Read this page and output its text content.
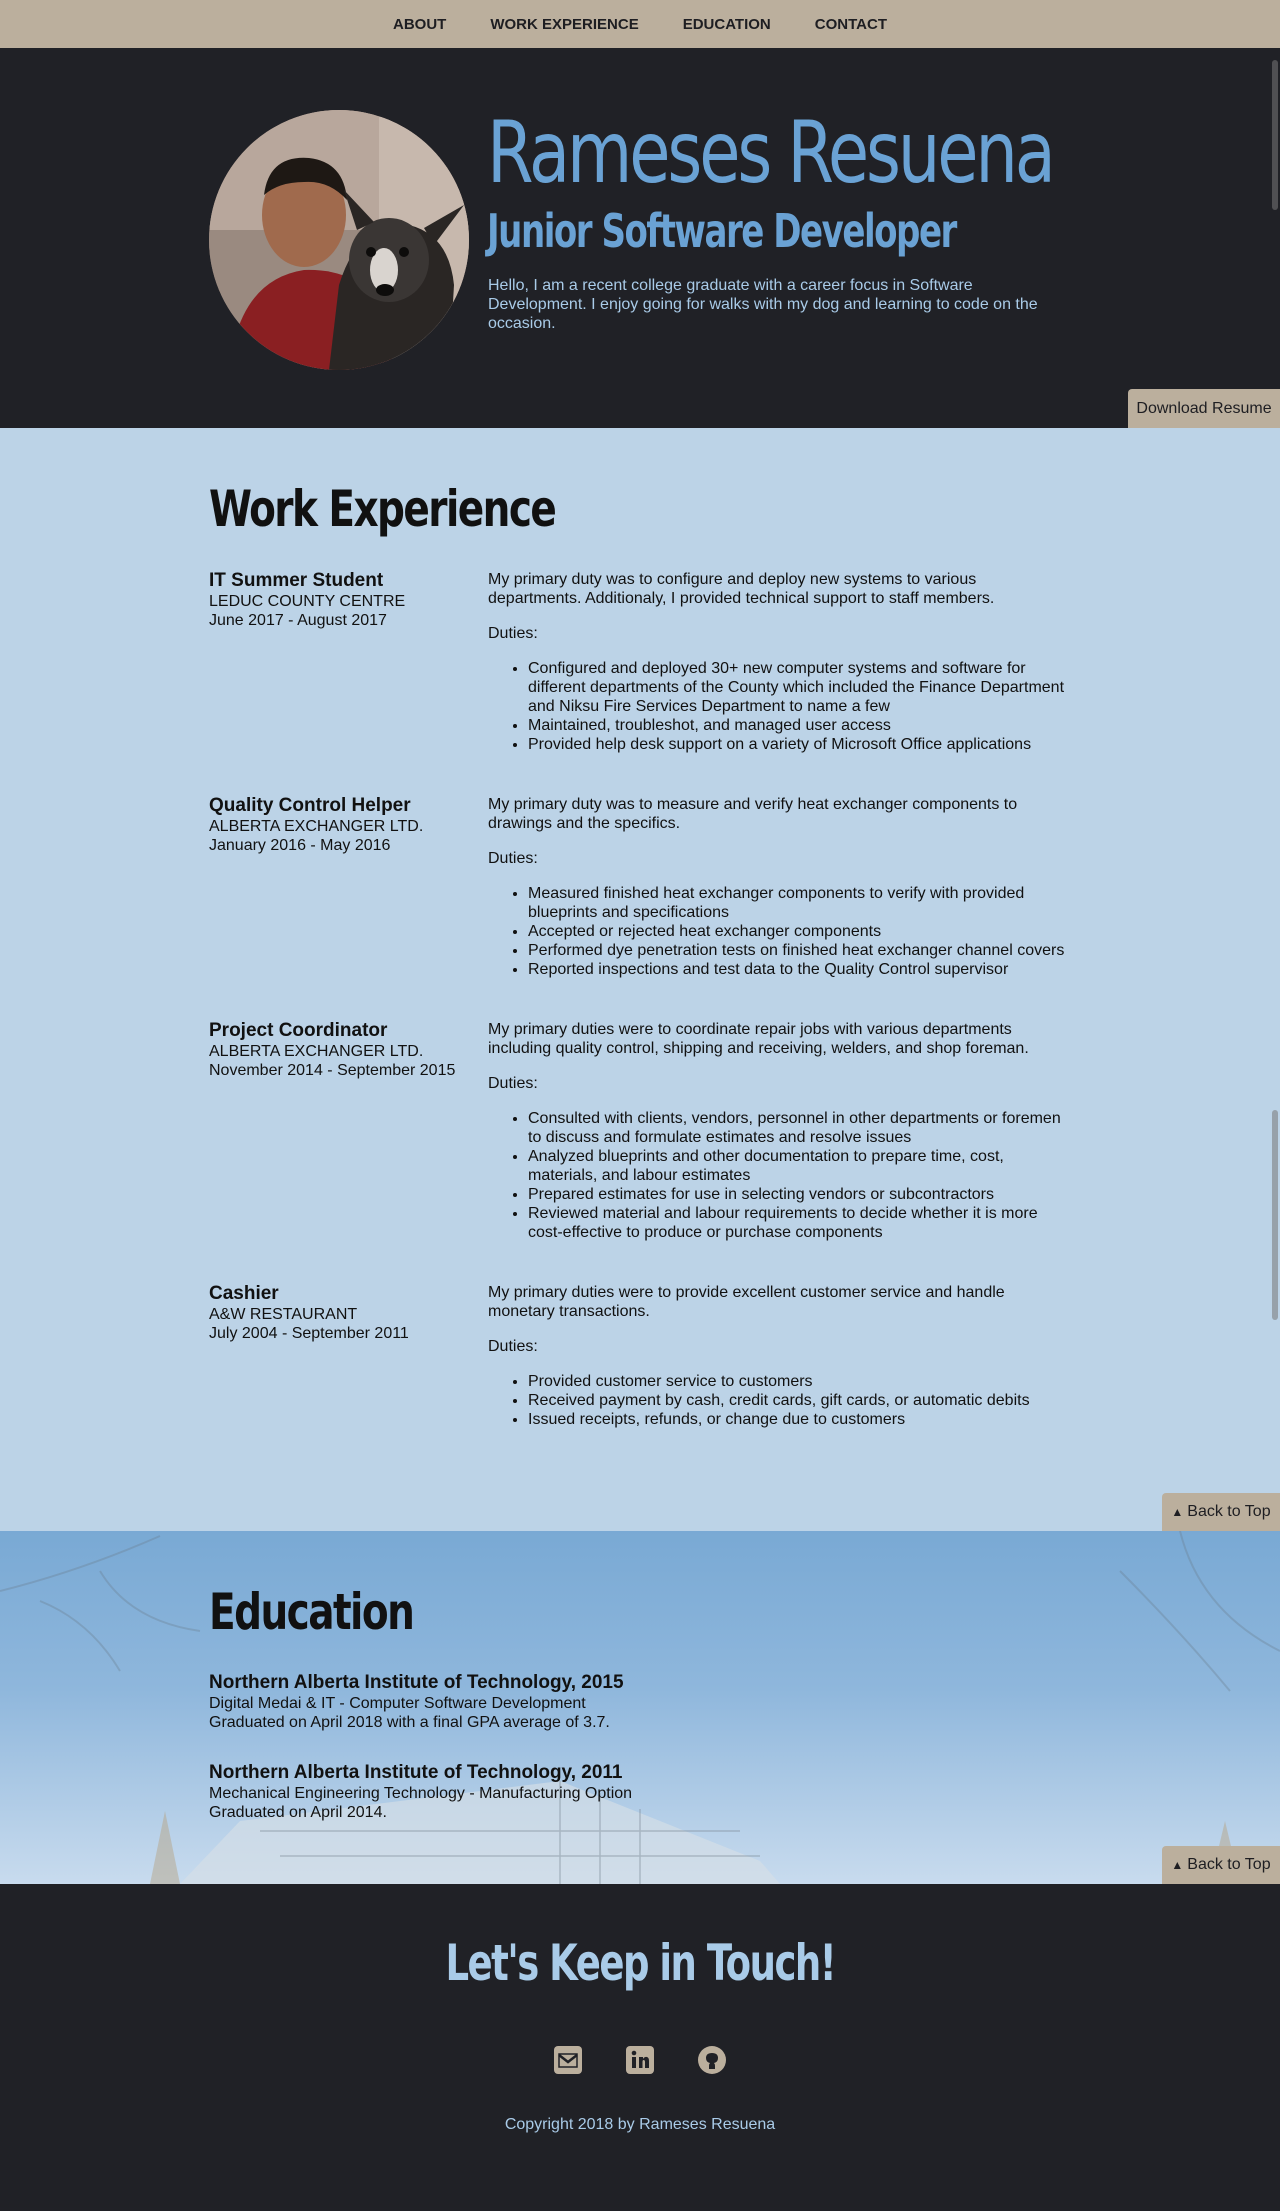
ABOUT	WORK EXPERIENCE	EDUCATION	CONTACT
Rameses Resuena
Junior Software Developer

Hello, I am a recent college graduate with a career focus in Software Development. I enjoy going for walks with my dog and learning to code on the occasion.

Download Resume
Work Experience
IT Summer Student
LEDUC COUNTY CENTRE
June 2017 - August 2017

My primary duty was to configure and deploy new systems to various departments. Additionaly, I provided technical support to staff members.

Duties:

• Configured and deployed 30+ new computer systems and software for different departments of the County which included the Finance Department and Niksu Fire Services Department to name a few
• Maintained, troubleshot, and managed user access
• Provided help desk support on a variety of Microsoft Office applications
Quality Control Helper
ALBERTA EXCHANGER LTD.
January 2016 - May 2016

My primary duty was to measure and verify heat exchanger components to drawings and the specifics.

Duties:

• Measured finished heat exchanger components to verify with provided blueprints and specifications
• Accepted or rejected heat exchanger components
• Performed dye penetration tests on finished heat exchanger channel covers
• Reported inspections and test data to the Quality Control supervisor
Project Coordinator
ALBERTA EXCHANGER LTD.
November 2014 - September 2015

My primary duties were to coordinate repair jobs with various departments including quality control, shipping and receiving, welders, and shop foreman.

Duties:

• Consulted with clients, vendors, personnel in other departments or foremen to discuss and formulate estimates and resolve issues
• Analyzed blueprints and other documentation to prepare time, cost, materials, and labour estimates
• Prepared estimates for use in selecting vendors or subcontractors
• Reviewed material and labour requirements to decide whether it is more cost-effective to produce or purchase components
Cashier
A&W RESTAURANT
July 2004 - September 2011

My primary duties were to provide excellent customer service and handle monetary transactions.

Duties:

• Provided customer service to customers
• Received payment by cash, credit cards, gift cards, or automatic debits
• Issued receipts, refunds, or change due to customers
▲ Back to Top
Education
Northern Alberta Institute of Technology, 2015
Digital Medai & IT - Computer Software Development
Graduated on April 2018 with a final GPA average of 3.7.
Northern Alberta Institute of Technology, 2011
Mechanical Engineering Technology - Manufacturing Option
Graduated on April 2014.
▲ Back to Top
Let's Keep in Touch!
Copyright 2018 by Rameses Resuena
